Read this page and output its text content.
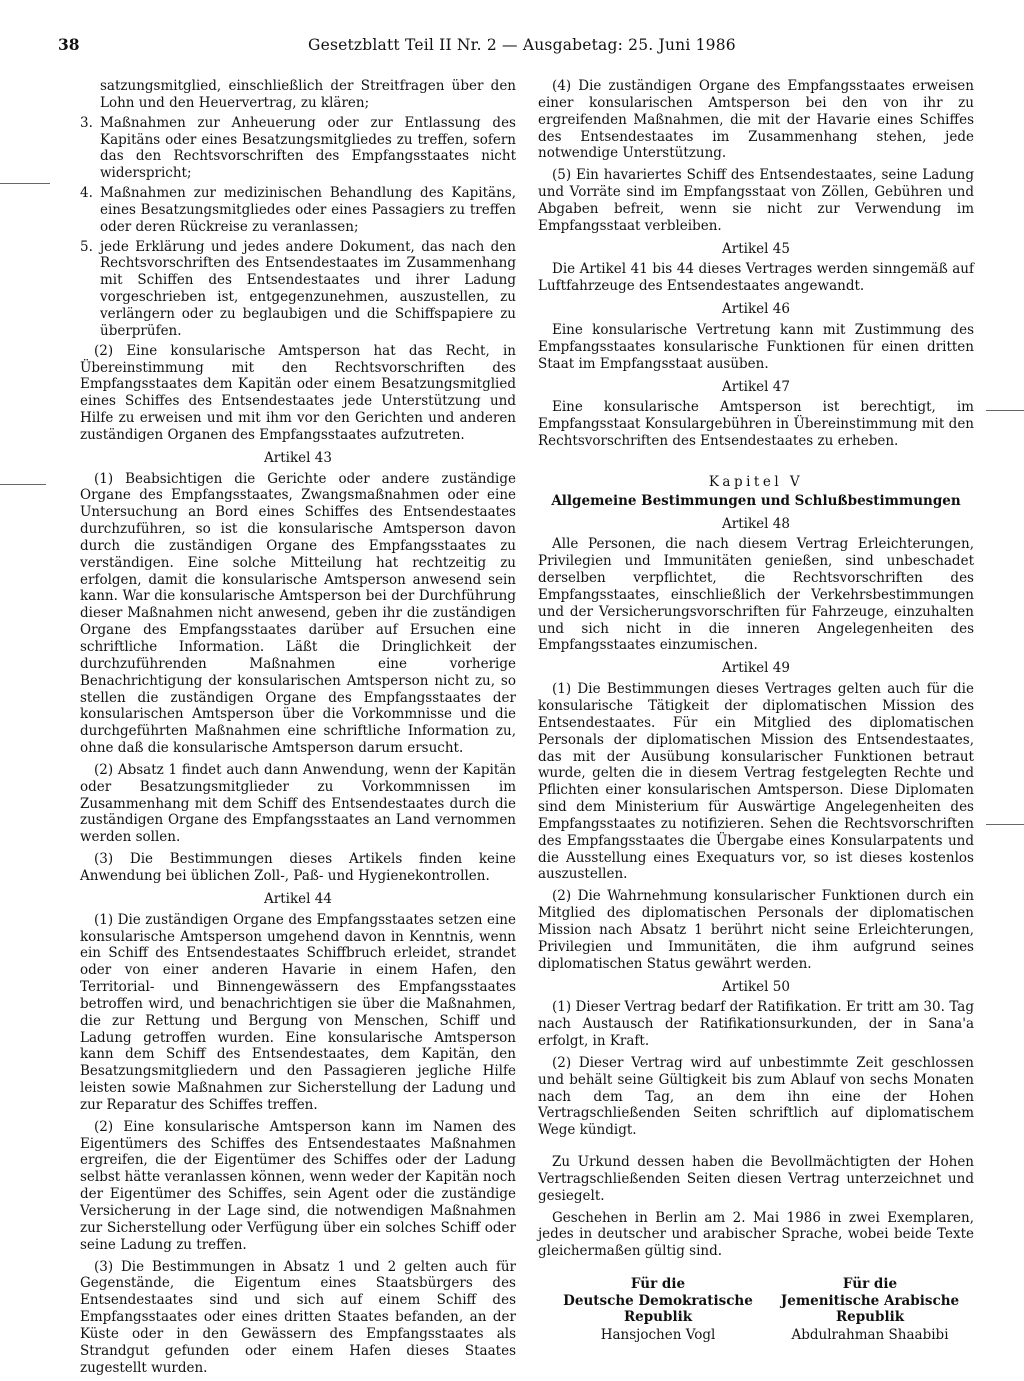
38	Gesetzblatt Teil II Nr. 2 — Ausgabetag: 25. Juni 1986

satzungsmitglied, einschließlich der Streitfragen über den Lohn und den Heuervertrag, zu klären;

3. Maßnahmen zur Anheuerung oder zur Entlassung des Kapitäns oder eines Besatzungsmitgliedes zu treffen, sofern das den Rechtsvorschriften des Empfangsstaates nicht widerspricht;
4. Maßnahmen zur medizinischen Behandlung des Kapitäns, eines Besatzungsmitgliedes oder eines Passagiers zu treffen oder deren Rückreise zu veranlassen;
5. jede Erklärung und jedes andere Dokument, das nach den Rechtsvorschriften des Entsendestaates im Zusammenhang mit Schiffen des Entsendestaates und ihrer Ladung vorgeschrieben ist, entgegenzunehmen, auszustellen, zu verlängern oder zu beglaubigen und die Schiffspapiere zu überprüfen.

(2) Eine konsularische Amtsperson hat das Recht, in Übereinstimmung mit den Rechtsvorschriften des Empfangsstaates dem Kapitän oder einem Besatzungsmitglied eines Schiffes des Entsendestaates jede Unterstützung und Hilfe zu erweisen und mit ihm vor den Gerichten und anderen zuständigen Organen des Empfangsstaates aufzutreten.

Artikel 43

(1) Beabsichtigen die Gerichte oder andere zuständige Organe des Empfangsstaates, Zwangsmaßnahmen oder eine Untersuchung an Bord eines Schiffes des Entsendestaates durchzuführen, so ist die konsularische Amtsperson davon durch die zuständigen Organe des Empfangsstaates zu verständigen. Eine solche Mitteilung hat rechtzeitig zu erfolgen, damit die konsularische Amtsperson anwesend sein kann. War die konsularische Amtsperson bei der Durchführung dieser Maßnahmen nicht anwesend, geben ihr die zuständigen Organe des Empfangsstaates darüber auf Ersuchen eine schriftliche Information. Läßt die Dringlichkeit der durchzuführenden Maßnahmen eine vorherige Benachrichtigung der konsularischen Amtsperson nicht zu, so stellen die zuständigen Organe des Empfangsstaates der konsularischen Amtsperson über die Vorkommnisse und die durchgeführten Maßnahmen eine schriftliche Information zu, ohne daß die konsularische Amtsperson darum ersucht.

(2) Absatz 1 findet auch dann Anwendung, wenn der Kapitän oder Besatzungsmitglieder zu Vorkommnissen im Zusammenhang mit dem Schiff des Entsendestaates durch die zuständigen Organe des Empfangsstaates an Land vernommen werden sollen.

(3) Die Bestimmungen dieses Artikels finden keine Anwendung bei üblichen Zoll-, Paß- und Hygienekontrollen.

Artikel 44

(1) Die zuständigen Organe des Empfangsstaates setzen eine konsularische Amtsperson umgehend davon in Kenntnis, wenn ein Schiff des Entsendestaates Schiffbruch erleidet, strandet oder von einer anderen Havarie in einem Hafen, den Territorial- und Binnengewässern des Empfangsstaates betroffen wird, und benachrichtigen sie über die Maßnahmen, die zur Rettung und Bergung von Menschen, Schiff und Ladung getroffen wurden. Eine konsularische Amtsperson kann dem Schiff des Entsendestaates, dem Kapitän, den Besatzungsmitgliedern und den Passagieren jegliche Hilfe leisten sowie Maßnahmen zur Sicherstellung der Ladung und zur Reparatur des Schiffes treffen.

(2) Eine konsularische Amtsperson kann im Namen des Eigentümers des Schiffes des Entsendestaates Maßnahmen ergreifen, die der Eigentümer des Schiffes oder der Ladung selbst hätte veranlassen können, wenn weder der Kapitän noch der Eigentümer des Schiffes, sein Agent oder die zuständige Versicherung in der Lage sind, die notwendigen Maßnahmen zur Sicherstellung oder Verfügung über ein solches Schiff oder seine Ladung zu treffen.

(3) Die Bestimmungen in Absatz 1 und 2 gelten auch für Gegenstände, die Eigentum eines Staatsbürgers des Entsendestaates sind und sich auf einem Schiff des Empfangsstaates oder eines dritten Staates befanden, an der Küste oder in den Gewässern des Empfangsstaates als Strandgut gefunden oder einem Hafen dieses Staates zugestellt wurden.

(4) Die zuständigen Organe des Empfangsstaates erweisen einer konsularischen Amtsperson bei den von ihr zu ergreifenden Maßnahmen, die mit der Havarie eines Schiffes des Entsendestaates im Zusammenhang stehen, jede notwendige Unterstützung.

(5) Ein havariertes Schiff des Entsendestaates, seine Ladung und Vorräte sind im Empfangsstaat von Zöllen, Gebühren und Abgaben befreit, wenn sie nicht zur Verwendung im Empfangsstaat verbleiben.

Artikel 45

Die Artikel 41 bis 44 dieses Vertrages werden sinngemäß auf Luftfahrzeuge des Entsendestaates angewandt.

Artikel 46

Eine konsularische Vertretung kann mit Zustimmung des Empfangsstaates konsularische Funktionen für einen dritten Staat im Empfangsstaat ausüben.

Artikel 47

Eine konsularische Amtsperson ist berechtigt, im Empfangsstaat Konsulargebühren in Übereinstimmung mit den Rechtsvorschriften des Entsendestaates zu erheben.

Kapitel V
Allgemeine Bestimmungen und Schlußbestimmungen
Artikel 48

Alle Personen, die nach diesem Vertrag Erleichterungen, Privilegien und Immunitäten genießen, sind unbeschadet derselben verpflichtet, die Rechtsvorschriften des Empfangsstaates, einschließlich der Verkehrsbestimmungen und der Versicherungsvorschriften für Fahrzeuge, einzuhalten und sich nicht in die inneren Angelegenheiten des Empfangsstaates einzumischen.

Artikel 49

(1) Die Bestimmungen dieses Vertrages gelten auch für die konsularische Tätigkeit der diplomatischen Mission des Entsendestaates. Für ein Mitglied des diplomatischen Personals der diplomatischen Mission des Entsendestaates, das mit der Ausübung konsularischer Funktionen betraut wurde, gelten die in diesem Vertrag festgelegten Rechte und Pflichten einer konsularischen Amtsperson. Diese Diplomaten sind dem Ministerium für Auswärtige Angelegenheiten des Empfangsstaates zu notifizieren. Sehen die Rechtsvorschriften des Empfangsstaates die Übergabe eines Konsularpatents und die Ausstellung eines Exequaturs vor, so ist dieses kostenlos auszustellen.

(2) Die Wahrnehmung konsularischer Funktionen durch ein Mitglied des diplomatischen Personals der diplomatischen Mission nach Absatz 1 berührt nicht seine Erleichterungen, Privilegien und Immunitäten, die ihm aufgrund seines diplomatischen Status gewährt werden.

Artikel 50

(1) Dieser Vertrag bedarf der Ratifikation. Er tritt am 30. Tag nach Austausch der Ratifikationsurkunden, der in Sana'a erfolgt, in Kraft.

(2) Dieser Vertrag wird auf unbestimmte Zeit geschlossen und behält seine Gültigkeit bis zum Ablauf von sechs Monaten nach dem Tag, an dem ihn eine der Hohen Vertragschließenden Seiten schriftlich auf diplomatischem Wege kündigt.

Zu Urkund dessen haben die Bevollmächtigten der Hohen Vertragschließenden Seiten diesen Vertrag unterzeichnet und gesiegelt.

Geschehen in Berlin am 2. Mai 1986 in zwei Exemplaren, jedes in deutscher und arabischer Sprache, wobei beide Texte gleichermaßen gültig sind.

Für die
Deutsche Demokratische
Republik
Hansjochen Vogl
Für die
Jemenitische Arabische
Republik
Abdulrahman Shaabibi
